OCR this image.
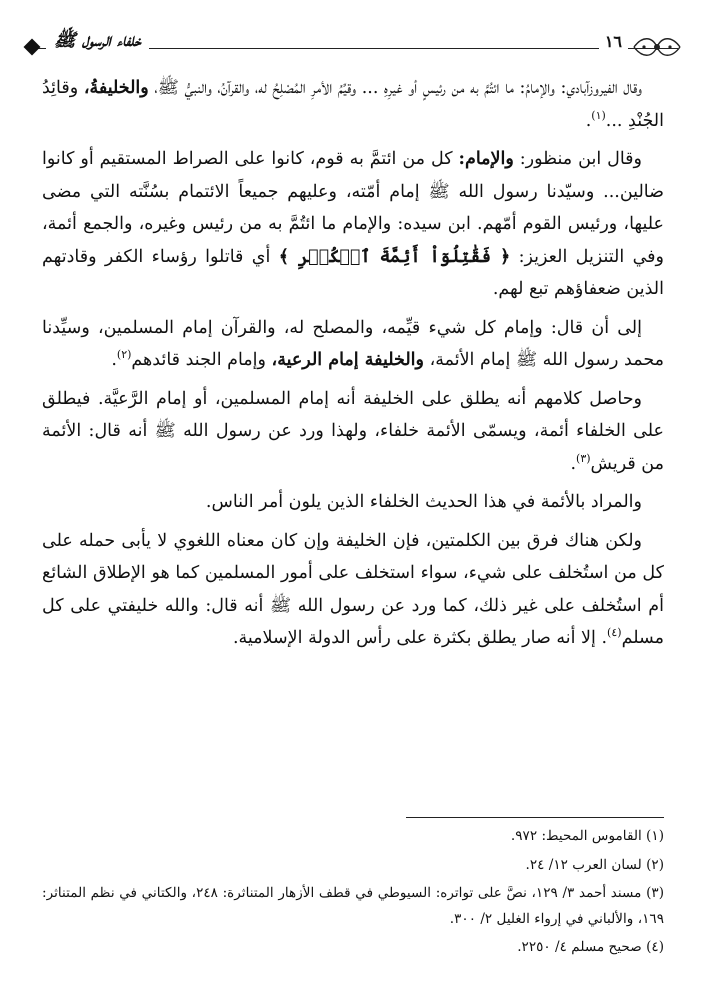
خلفاء الرسول ﷺ	١٦

وقال الفيروزآبادي: والإمامُ: ما ائتُمَّ به من رئيسٍ أو غيرِهِ ... وقيِّمُ الأمرِ المُصْلِحُ له، والقرآنُ، والنبيُّ ﷺ، والخليفةُ، وقائِدُ الجُنْدِ ...$^{(١)}$.

وقال ابن منظور: والإمام: كل من ائتمَّ به قوم، كانوا على الصراط المستقيم أو كانوا ضالين... وسيّدنا رسول الله ﷺ إمام أمّته، وعليهم جميعاً الائتمام بسُنَّته التي مضى عليها، ورئيس القوم أمّهم. ابن سيده: والإمام ما ائتُمَّ به من رئيس وغيره، والجمع أئمة، وفي التنزيل العزيز: ﴿ فَقَٰتِلُوٓاْ أَئِمَّةَ ٱلۡكُفۡرِ ﴾ أي قاتلوا رؤساء الكفر وقادتهم الذين ضعفاؤهم تبع لهم.

إلى أن قال: وإمام كل شيء قيِّمه، والمصلح له، والقرآن إمام المسلمين، وسيِّدنا محمد رسول الله ﷺ إمام الأئمة، والخليفة إمام الرعية، وإمام الجند قائدهم$^{(٢)}$.

وحاصل كلامهم أنه يطلق على الخليفة أنه إمام المسلمين، أو إمام الرَّعيَّة. فيطلق على الخلفاء أئمة، ويسمّى الأئمة خلفاء، ولهذا ورد عن رسول الله ﷺ أنه قال: الأئمة من قريش$^{(٣)}$.

والمراد بالأئمة في هذا الحديث الخلفاء الذين يلون أمر الناس.

ولكن هناك فرق بين الكلمتين، فإن الخليفة وإن كان معناه اللغوي لا يأبى حمله على كل من استُخلف على شيء، سواء استخلف على أمور المسلمين كما هو الإطلاق الشائع أم استُخلف على غير ذلك، كما ورد عن رسول الله ﷺ أنه قال: والله خليفتي على كل مسلم$^{(٤)}$. إلا أنه صار يطلق بكثرة على رأس الدولة الإسلامية.

(١) القاموس المحيط: ٩٧٢.

(٢) لسان العرب ١٢/ ٢٤.

(٣) مسند أحمد ٣/ ١٢٩، نصَّ على تواتره: السيوطي في قطف الأزهار المتناثرة: ٢٤٨، والكتاني في نظم المتناثر: ١٦٩، والألباني في إرواء الغليل ٢/ ٣٠٠.

(٤) صحيح مسلم ٤/ ٢٢٥٠.
